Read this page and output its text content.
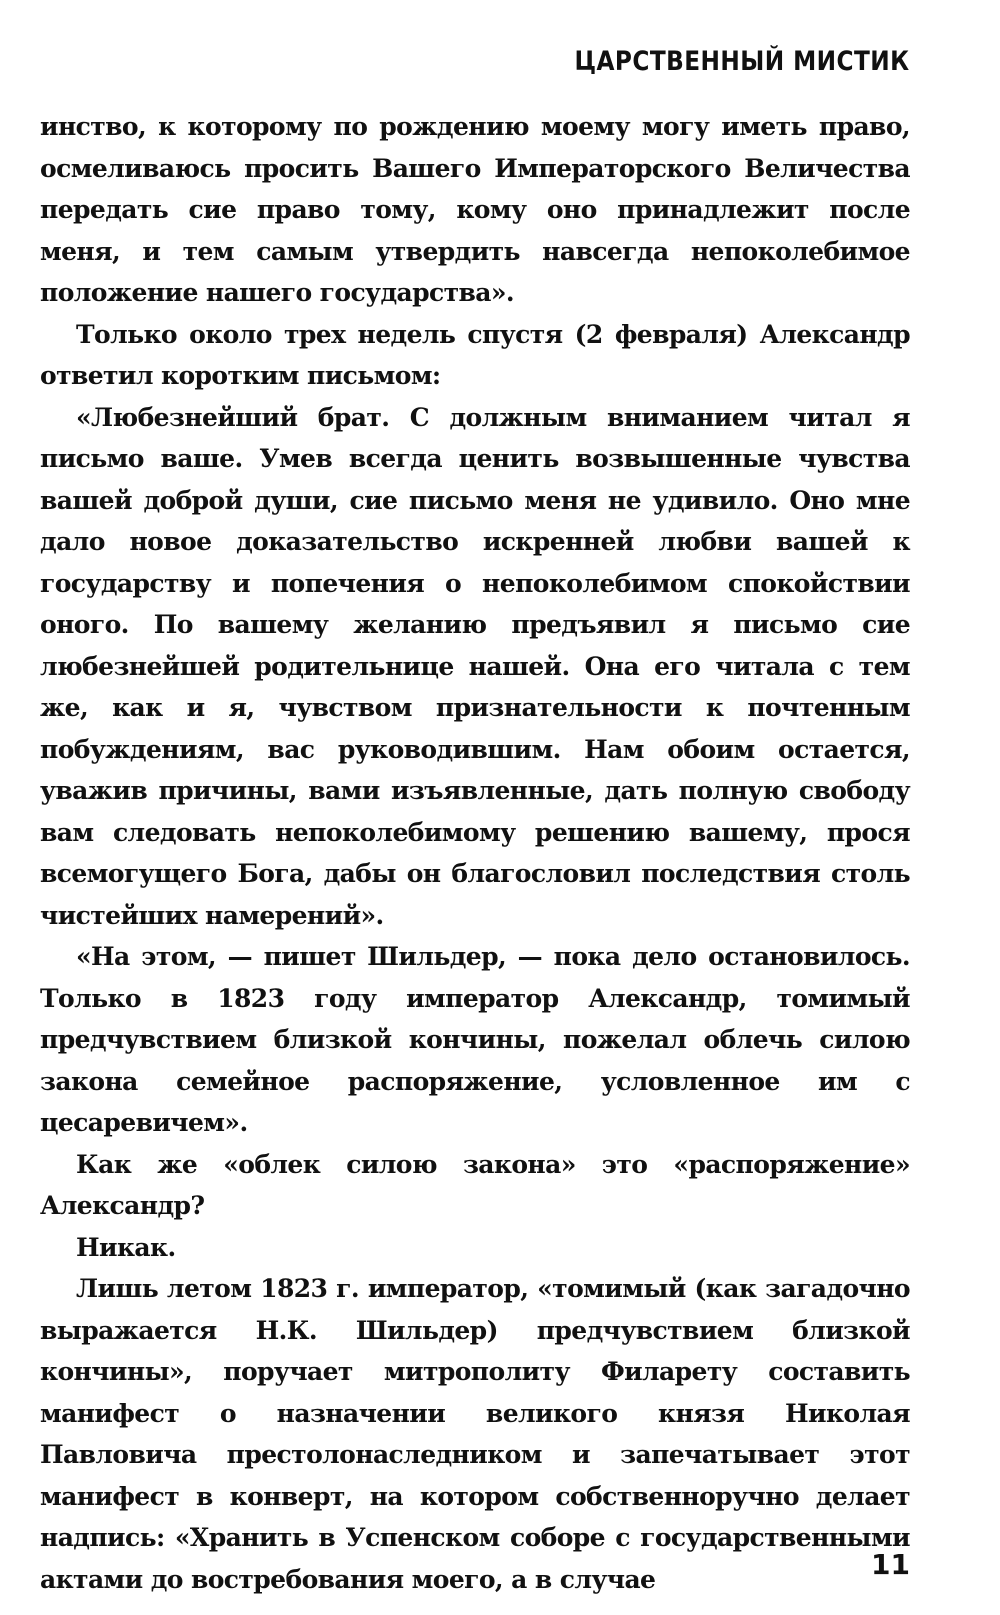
ЦАРСТВЕННЫЙ МИСТИК

инство, к которому по рождению моему могу иметь право, осмеливаюсь просить Вашего Императорского Величества передать сие право тому, кому оно принадлежит после меня, и тем самым утвердить навсегда непоколебимое положение нашего государства».

Только около трех недель спустя (2 февраля) Александр ответил коротким письмом:

«Любезнейший брат. С должным вниманием читал я письмо ваше. Умев всегда ценить возвышенные чувства вашей доброй души, сие письмо меня не удивило. Оно мне дало новое доказательство искренней любви вашей к государству и попечения о непоколебимом спокойствии оного. По вашему желанию предъявил я письмо сие любезнейшей родительнице нашей. Она его читала с тем же, как и я, чувством признательности к почтенным побуждениям, вас руководившим. Нам обоим остается, уважив причины, вами изъявленные, дать полную свободу вам следовать непоколебимому решению вашему, прося всемогущего Бога, дабы он благословил последствия столь чистейших намерений».

«На этом, — пишет Шильдер, — пока дело остановилось. Только в 1823 году император Александр, томимый предчувствием близкой кончины, пожелал облечь силою закона семейное распоряжение, условленное им с цесаревичем».

Как же «облек силою закона» это «распоряжение» Александр?

Никак.

Лишь летом 1823 г. император, «томимый (как загадочно выражается Н.К. Шильдер) предчувствием близкой кончины», поручает митрополиту Филарету составить манифест о назначении великого князя Николая Павловича престолонаследником и запечатывает этот манифест в конверт, на котором собственноручно делает надпись: «Хранить в Успенском соборе с государственными актами до востребования моего, а в случае	11
